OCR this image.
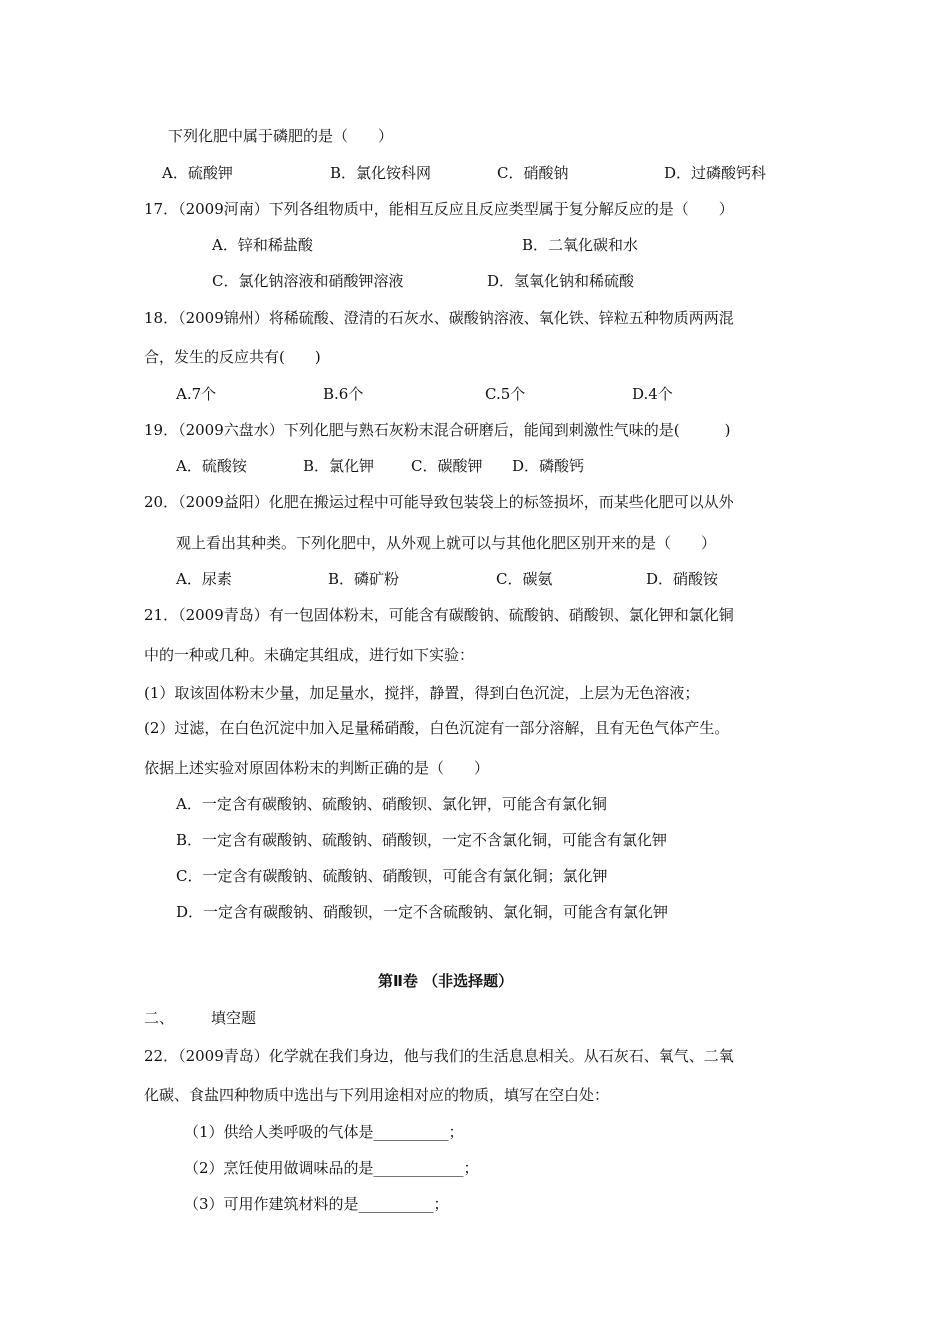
下列化肥中属于磷肥的是（　　）
A．硫酸钾	B．氯化铵科网	C．硝酸钠	D．过磷酸钙科
17．（2009河南）下列各组物质中，能相互反应且反应类型属于复分解反应的是（　　）
A．锌和稀盐酸	B．二氧化碳和水
C．氯化钠溶液和硝酸钾溶液	D．氢氧化钠和稀硫酸
18．（2009锦州）将稀硫酸、澄清的石灰水、碳酸钠溶液、氧化铁、锌粒五种物质两两混
合，发生的反应共有(　　)
A.7个	B.6个	C.5个	D.4个
19．（2009六盘水）下列化肥与熟石灰粉末混合研磨后，能闻到刺激性气味的是(　　　)
A．硫酸铵	B．氯化钾 C．碳酸钾 D．磷酸钙
20．（2009益阳）化肥在搬运过程中可能导致包装袋上的标签损坏，而某些化肥可以从外
观上看出其种类。下列化肥中，从外观上就可以与其他化肥区别开来的是（　　）
A．尿素	B．磷矿粉	C．碳氨	D．硝酸铵
21．（2009青岛）有一包固体粉末，可能含有碳酸钠、硫酸钠、硝酸钡、氯化钾和氯化铜
中的一种或几种。未确定其组成，进行如下实验：
(1）取该固体粉末少量，加足量水，搅拌，静置，得到白色沉淀，上层为无色溶液；
(2）过滤，在白色沉淀中加入足量稀硝酸，白色沉淀有一部分溶解，且有无色气体产生。
依据上述实验对原固体粉末的判断正确的是（　　）
A．一定含有碳酸钠、硫酸钠、硝酸钡、氯化钾，可能含有氯化铜
B．一定含有碳酸钠、硫酸钠、硝酸钡，一定不含氯化铜，可能含有氯化钾
C．一定含有碳酸钠、硫酸钠、硝酸钡，可能含有氯化铜；氯化钾
D．一定含有碳酸钠、硝酸钡，一定不含硫酸钠、氯化铜，可能含有氯化钾
第Ⅱ卷 （非选择题）
二、 填空题
22．（2009青岛）化学就在我们身边，他与我们的生活息息相关。从石灰石、氧气、二氧
化碳、食盐四种物质中选出与下列用途相对应的物质，填写在空白处：
（1）供给人类呼吸的气体是__________；
（2）烹饪使用做调味品的是____________；
（3）可用作建筑材料的是__________；
